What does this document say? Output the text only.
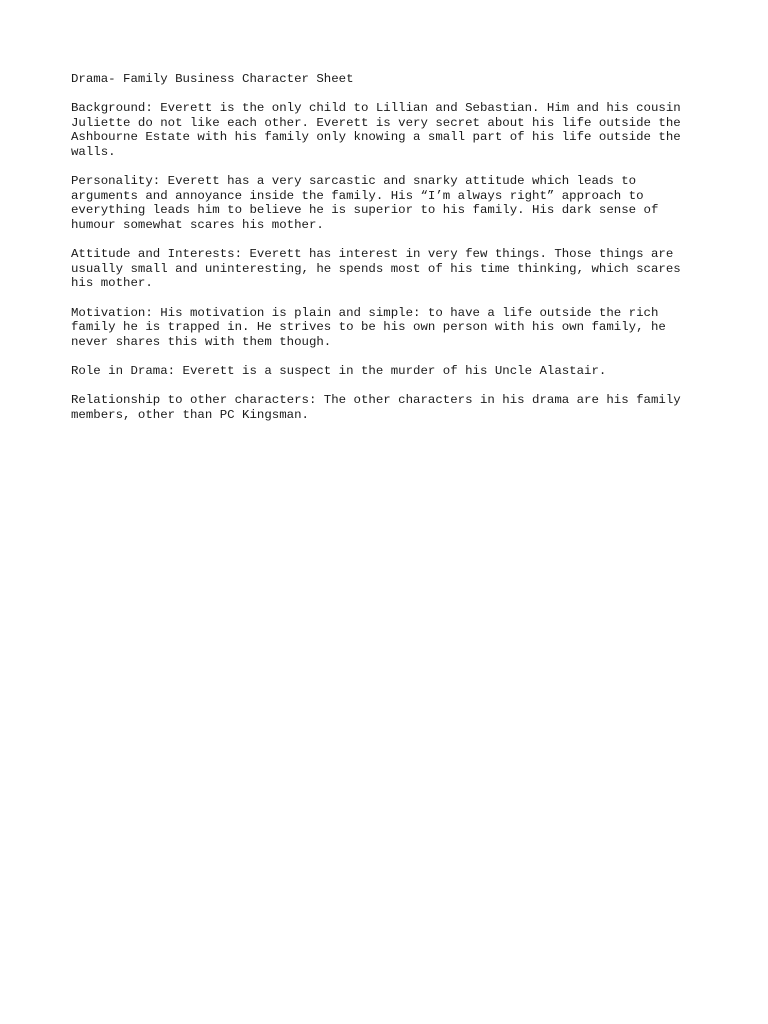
Drama- Family Business Character Sheet
Background: Everett is the only child to Lillian and Sebastian. Him and his cousin
Juliette do not like each other. Everett is very secret about his life outside the
Ashbourne Estate with his family only knowing a small part of his life outside the
walls.
Personality: Everett has a very sarcastic and snarky attitude which leads to
arguments and annoyance inside the family. His “I’m always right” approach to
everything leads him to believe he is superior to his family. His dark sense of
humour somewhat scares his mother.
Attitude and Interests: Everett has interest in very few things. Those things are
usually small and uninteresting, he spends most of his time thinking, which scares
his mother.
Motivation: His motivation is plain and simple: to have a life outside the rich
family he is trapped in. He strives to be his own person with his own family, he
never shares this with them though.
Role in Drama: Everett is a suspect in the murder of his Uncle Alastair.
Relationship to other characters: The other characters in his drama are his family
members, other than PC Kingsman.
